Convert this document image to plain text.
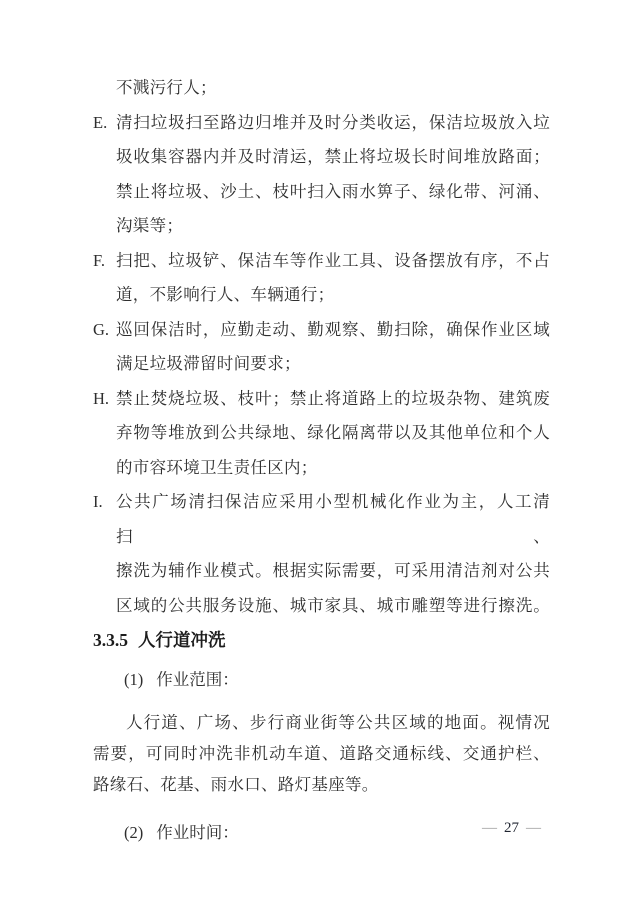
不溅污行人；
E. 清扫垃圾扫至路边归堆并及时分类收运，保洁垃圾放入垃
圾收集容器内并及时清运，禁止将垃圾长时间堆放路面；
禁止将垃圾、沙土、枝叶扫入雨水箅子、绿化带、河涌、
沟渠等；
F. 扫把、垃圾铲、保洁车等作业工具、设备摆放有序，不占
道，不影响行人、车辆通行；
G. 巡回保洁时，应勤走动、勤观察、勤扫除，确保作业区域
满足垃圾滞留时间要求；
H. 禁止焚烧垃圾、枝叶；禁止将道路上的垃圾杂物、建筑废
弃物等堆放到公共绿地、绿化隔离带以及其他单位和个人
的市容环境卫生责任区内；
I. 公共广场清扫保洁应采用小型机械化作业为主，人工清扫、
擦洗为辅作业模式。根据实际需要，可采用清洁剂对公共
区域的公共服务设施、城市家具、城市雕塑等进行擦洗。
3.3.5 人行道冲洗
(1) 作业范围：
人行道、广场、步行商业街等公共区域的地面。视情况
需要，可同时冲洗非机动车道、道路交通标线、交通护栏、
路缘石、花基、雨水口、路灯基座等。
(2) 作业时间：	— 27 —
